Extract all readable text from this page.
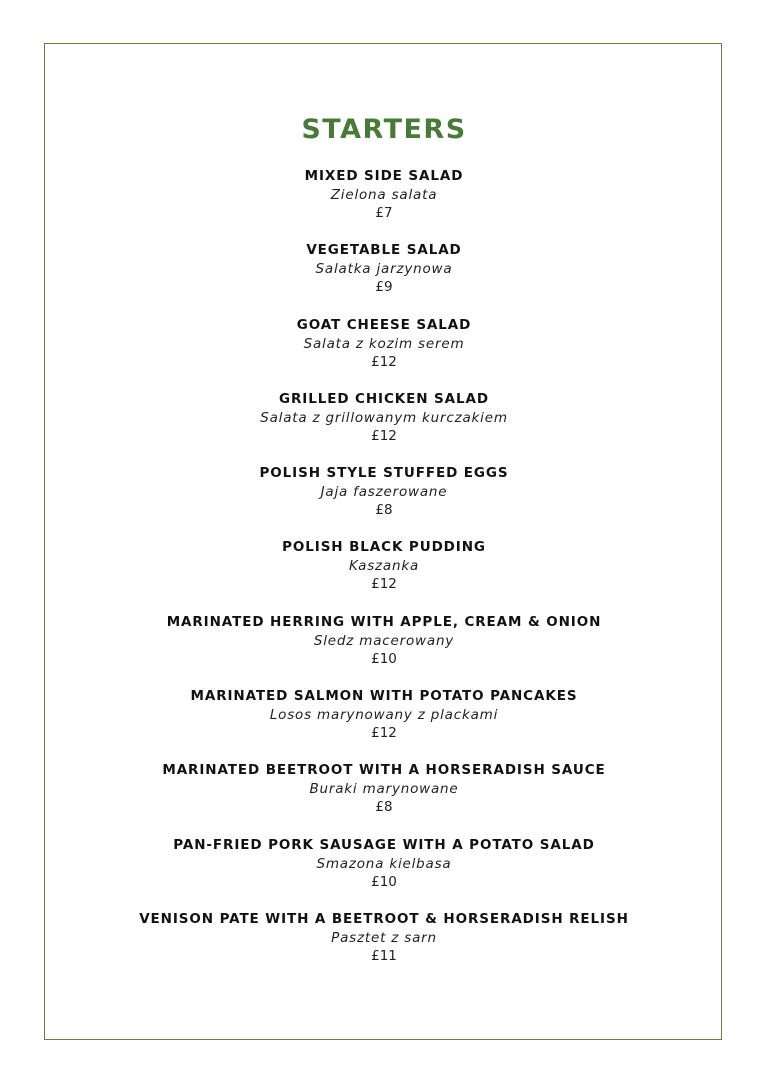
STARTERS
MIXED SIDE SALAD
Zielona salata
£7
VEGETABLE SALAD
Salatka jarzynowa
£9
GOAT CHEESE SALAD
Salata z kozim serem
£12
GRILLED CHICKEN SALAD
Salata z grillowanym kurczakiem
£12
POLISH STYLE STUFFED EGGS
Jaja faszerowane
£8
POLISH BLACK PUDDING
Kaszanka
£12
MARINATED HERRING WITH APPLE, CREAM & ONION
Sledz macerowany
£10
MARINATED SALMON WITH POTATO PANCAKES
Losos marynowany z plackami
£12
MARINATED BEETROOT WITH A HORSERADISH SAUCE
Buraki marynowane
£8
PAN-FRIED PORK SAUSAGE WITH A POTATO SALAD
Smazona kielbasa
£10
VENISON PATE WITH A BEETROOT & HORSERADISH RELISH
Pasztet z sarn
£11
